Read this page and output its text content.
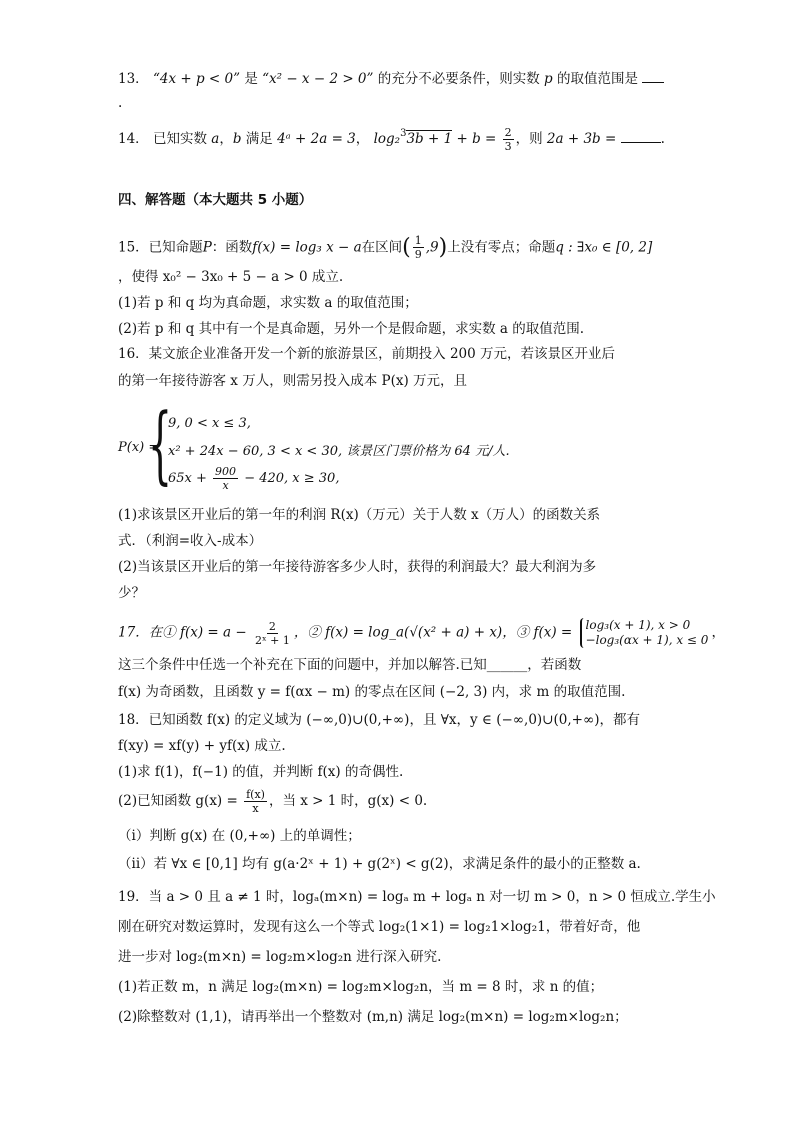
13． “4x + p < 0” 是 “x² − x − 2 > 0” 的充分不必要条件，则实数 p 的取值范围是
.
14． 已知实数 a，b 满足 4ᵃ + 2a = 3， $\log_2^33b + 1 + b = \frac{2}{3}$ ，则 2a + 3b =	.
四、解答题（本大题共 5 小题）
15．已知命题P：函数f(x) = log₃ x − a在区间( $\frac{1}{9} ,9$)上没有零点；命题q : ∃x₀ ∈ [0, 2]
，使得 x₀² − 3x₀ + 5 − a > 0 成立.
(1)若 p 和 q 均为真命题，求实数 a 的取值范围；
(2)若 p 和 q 其中有一个是真命题，另外一个是假命题，求实数 a 的取值范围.
16．某文旅企业准备开发一个新的旅游景区，前期投入 200 万元，若该景区开业后
的第一年接待游客 x 万人，则需另投入成本 P(x) 万元，且
P(x) =
{
9, 0 < x ≤ 3,
x² + 24x − 60, 3 < x < 30, 该景区门票价格为 64 元/人.
$65x + \frac{900}{x} - 420$, x ≥ 30,
(1)求该景区开业后的第一年的利润 R(x)（万元）关于人数 x（万人）的函数关系
式．（利润=收入-成本）
(2)当该景区开业后的第一年接待游客多少人时，获得的利润最大？最大利润为多
少？
17．在① $f(x) = a - \frac{2}{\text{2ˣ + 1}}$ ，② f(x) = log_a(√(x² + a) + x)，③ f(x) = log₃(x + 1), x > 0
−log₃(αx + 1), x ≤ 0 ，
这三个条件中任选一个补充在下面的问题中，并加以解答.已知______，若函数
f(x) 为奇函数，且函数 y = f(αx − m) 的零点在区间 (−2, 3) 内，求 m 的取值范围.
18．已知函数 f(x) 的定义域为 (−∞,0)∪(0,+∞)，且 ∀x，y ∈ (−∞,0)∪(0,+∞)，都有
f(xy) = xf(y) + yf(x) 成立.
(1)求 f(1)，f(−1) 的值，并判断 f(x) 的奇偶性.
(2)已知函数 $g(x) = \frac{f(x)}{x}$ ，当 x > 1 时，g(x) < 0.
（i）判断 g(x) 在 (0,+∞) 上的单调性；
（ii）若 ∀x ∈ [0,1] 均有 g(a·2ˣ + 1) + g(2ˣ) < g(2)，求满足条件的最小的正整数 a.
19．当 a > 0 且 a ≠ 1 时，logₐ(m×n) = logₐ m + logₐ n 对一切 m > 0，n > 0 恒成立.学生小
刚在研究对数运算时，发现有这么一个等式 log₂(1×1) = log₂1×log₂1，带着好奇，他
进一步对 log₂(m×n) = log₂m×log₂n 进行深入研究.
(1)若正数 m，n 满足 log₂(m×n) = log₂m×log₂n，当 m = 8 时，求 n 的值；
(2)除整数对 (1,1)，请再举出一个整数对 (m,n) 满足 log₂(m×n) = log₂m×log₂n；
